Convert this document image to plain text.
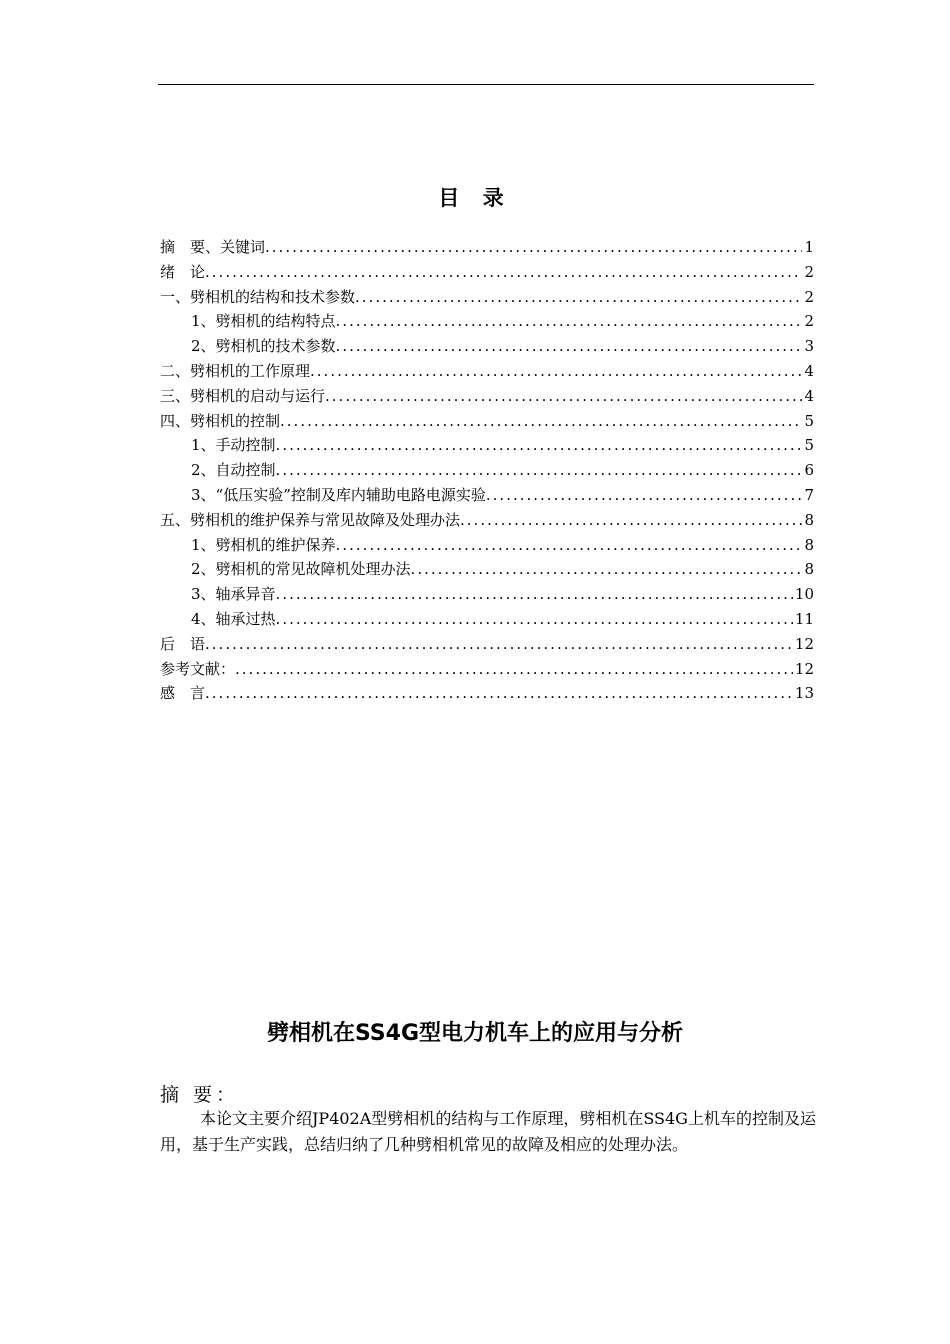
目 录
摘　要、关键词 .....	1
绪　论 .....	2
一、劈相机的结构和技术参数 .....	2
1、劈相机的结构特点 .....	2
2、劈相机的技术参数 .....	3
二、劈相机的工作原理 .....	4
三、劈相机的启动与运行 .....	4
四、劈相机的控制 .....	5
1、手动控制 .....	5
2、自动控制 .....	6
3、“低压实验”控制及库内辅助电路电源实验 .....	7
五、劈相机的维护保养与常见故障及处理办法 .....	8
1、劈相机的维护保养 .....	8
2、劈相机的常见故障机处理办法 .....	8
3、轴承异音 .....	10
4、轴承过热 .....	11
后　语 .....	12
参考文献： .....	12
感　言 .....	13
劈相机在SS4G型电力机车上的应用与分析
摘 要：

本论文主要介绍JP402A型劈相机的结构与工作原理，劈相机在SS4G上机车的控制及运用，基于生产实践，总结归纳了几种劈相机常见的故障及相应的处理办法。
